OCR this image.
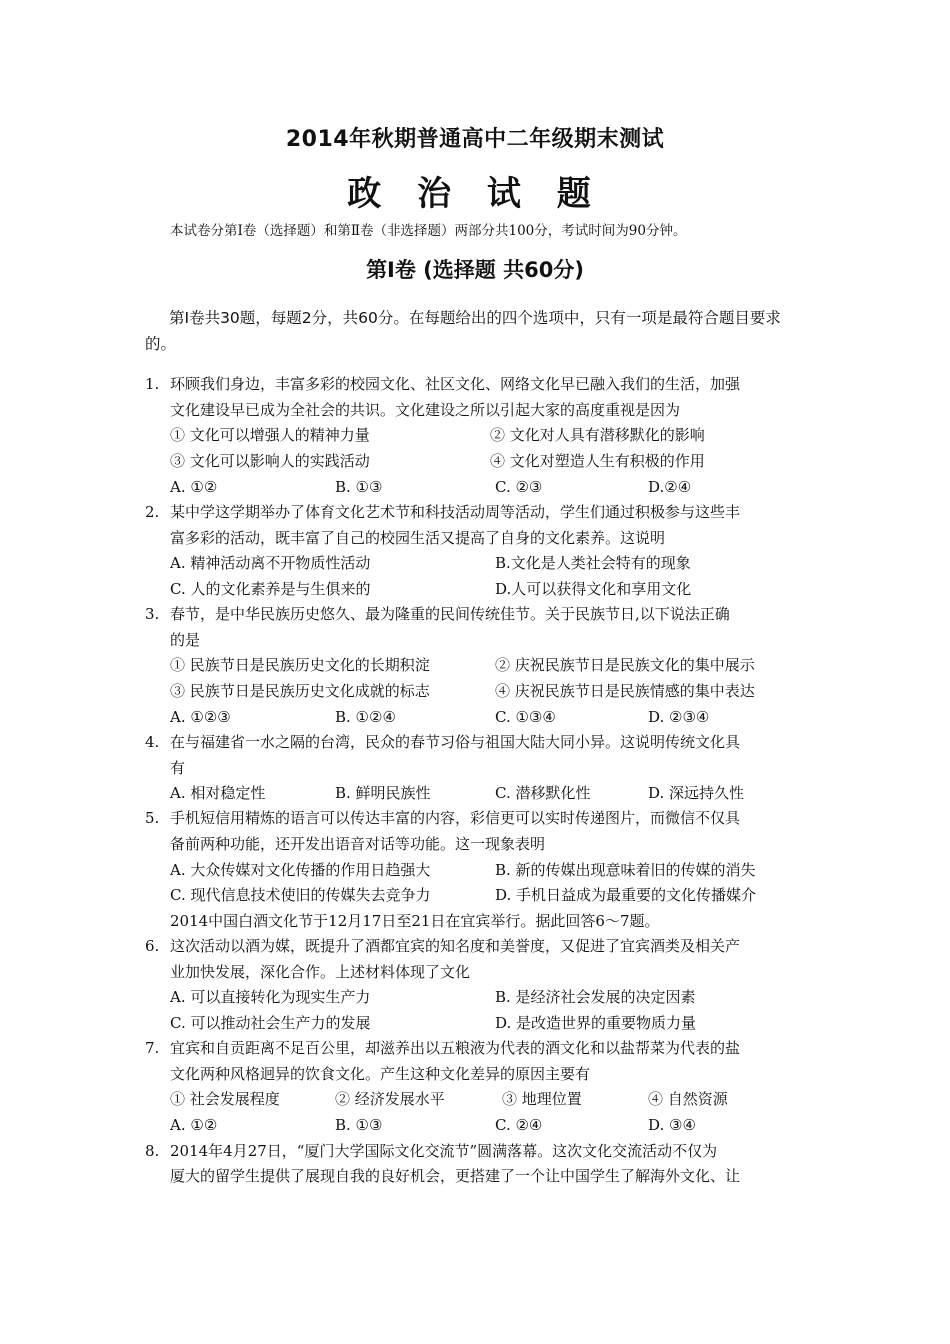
2014年秋期普通高中二年级期末测试
政 治 试 题
本试卷分第Ⅰ卷（选择题）和第Ⅱ卷（非选择题）两部分共100分，考试时间为90分钟。
第Ⅰ卷 (选择题 共60分)
第Ⅰ卷共30题，每题2分，共60分。在每题给出的四个选项中，只有一项是最符合题目要求的。
1. 环顾我们身边，丰富多彩的校园文化、社区文化、网络文化早已融入我们的生活，加强
文化建设早已成为全社会的共识。文化建设之所以引起大家的高度重视是因为
① 文化可以增强人的精神力量	② 文化对人具有潜移默化的影响
③ 文化可以影响人的实践活动	④ 文化对塑造人生有积极的作用
A. ①②	B. ①③	C. ②③	D.②④
2. 某中学这学期举办了体育文化艺术节和科技活动周等活动，学生们通过积极参与这些丰
富多彩的活动，既丰富了自己的校园生活又提高了自身的文化素养。这说明
A. 精神活动离不开物质性活动	B.文化是人类社会特有的现象
C. 人的文化素养是与生俱来的	D.人可以获得文化和享用文化
3. 春节，是中华民族历史悠久、最为隆重的民间传统佳节。关于民族节日,以下说法正确
的是
① 民族节日是民族历史文化的长期积淀	② 庆祝民族节日是民族文化的集中展示
③ 民族节日是民族历史文化成就的标志	④ 庆祝民族节日是民族情感的集中表达
A. ①②③	B. ①②④	C. ①③④	D. ②③④
4. 在与福建省一水之隔的台湾，民众的春节习俗与祖国大陆大同小异。这说明传统文化具
有
A. 相对稳定性	B. 鲜明民族性	C. 潜移默化性	D. 深远持久性
5. 手机短信用精炼的语言可以传达丰富的内容，彩信更可以实时传递图片，而微信不仅具
备前两种功能，还开发出语音对话等功能。这一现象表明
A. 大众传媒对文化传播的作用日趋强大	B. 新的传媒出现意味着旧的传媒的消失
C. 现代信息技术使旧的传媒失去竞争力	D. 手机日益成为最重要的文化传播媒介
2014中国白酒文化节于12月17日至21日在宜宾举行。据此回答6～7题。
6. 这次活动以酒为媒，既提升了酒都宜宾的知名度和美誉度，又促进了宜宾酒类及相关产
业加快发展，深化合作。上述材料体现了文化
A. 可以直接转化为现实生产力	B. 是经济社会发展的决定因素
C. 可以推动社会生产力的发展	D. 是改造世界的重要物质力量
7. 宜宾和自贡距离不足百公里，却滋养出以五粮液为代表的酒文化和以盐帮菜为代表的盐
文化两种风格迥异的饮食文化。产生这种文化差异的原因主要有
① 社会发展程度	② 经济发展水平	③ 地理位置	④ 自然资源
A. ①②	B. ①③	C. ②④	D. ③④
8. 2014年4月27日，“厦门大学国际文化交流节”圆满落幕。这次文化交流活动不仅为
厦大的留学生提供了展现自我的良好机会，更搭建了一个让中国学生了解海外文化、让
